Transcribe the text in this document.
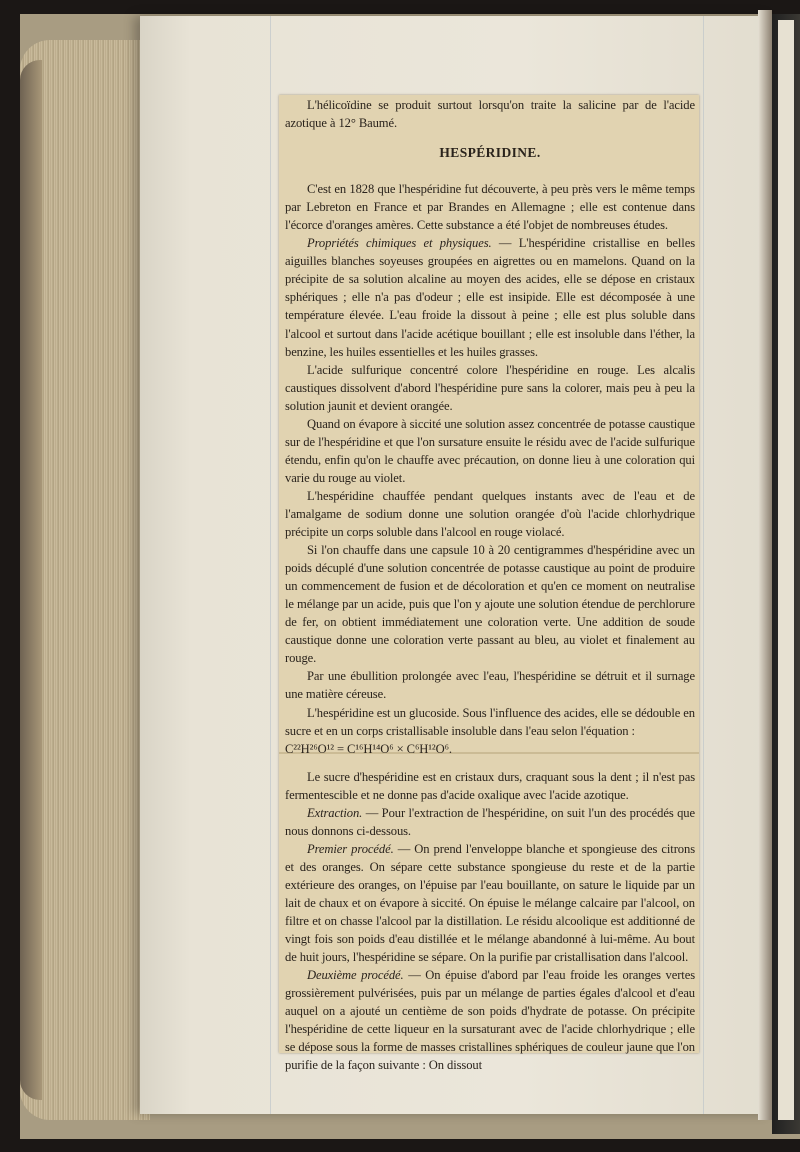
L'hélicoïdine se produit surtout lorsqu'on traite la salicine par de l'acide azotique à 12° Baumé.

HESPÉRIDINE.

C'est en 1828 que l'hespéridine fut découverte, à peu près vers le même temps par Lebreton en France et par Brandes en Allemagne ; elle est contenue dans l'écorce d'oranges amères. Cette substance a été l'objet de nombreuses études.

Propriétés chimiques et physiques. — L'hespéridine cristallise en belles aiguilles blanches soyeuses groupées en aigrettes ou en mamelons. Quand on la précipite de sa solution alcaline au moyen des acides, elle se dépose en cristaux sphériques ; elle n'a pas d'odeur ; elle est insipide. Elle est décomposée à une température élevée. L'eau froide la dissout à peine ; elle est plus soluble dans l'alcool et surtout dans l'acide acétique bouillant ; elle est insoluble dans l'éther, la benzine, les huiles essentielles et les huiles grasses.

L'acide sulfurique concentré colore l'hespéridine en rouge. Les alcalis caustiques dissolvent d'abord l'hespéridine pure sans la colorer, mais peu à peu la solution jaunit et devient orangée.

Quand on évapore à siccité une solution assez concentrée de potasse caustique sur de l'hespéridine et que l'on sursature ensuite le résidu avec de l'acide sulfurique étendu, enfin qu'on le chauffe avec précaution, on donne lieu à une coloration qui varie du rouge au violet.

L'hespéridine chauffée pendant quelques instants avec de l'eau et de l'amalgame de sodium donne une solution orangée d'où l'acide chlorhydrique précipite un corps soluble dans l'alcool en rouge violacé.

Si l'on chauffe dans une capsule 10 à 20 centigrammes d'hespéridine avec un poids décuplé d'une solution concentrée de potasse caustique au point de produire un commencement de fusion et de décoloration et qu'en ce moment on neutralise le mélange par un acide, puis que l'on y ajoute une solution étendue de perchlorure de fer, on obtient immédiatement une coloration verte. Une addition de soude caustique donne une coloration verte passant au bleu, au violet et finalement au rouge.

Par une ébullition prolongée avec l'eau, l'hespéridine se détruit et il surnage une matière céreuse.

L'hespéridine est un glucoside. Sous l'influence des acides, elle se dédouble en sucre et en un corps cristallisable insoluble dans l'eau selon l'équation :

C²²H²⁶O¹² = C¹⁶H¹⁴O⁶ × C⁶H¹²O⁶.

Le sucre d'hespéridine est en cristaux durs, craquant sous la dent ; il n'est pas fermentescible et ne donne pas d'acide oxalique avec l'acide azotique.

Extraction. — Pour l'extraction de l'hespéridine, on suit l'un des procédés que nous donnons ci-dessous.

Premier procédé. — On prend l'enveloppe blanche et spongieuse des citrons et des oranges. On sépare cette substance spongieuse du reste et de la partie extérieure des oranges, on l'épuise par l'eau bouillante, on sature le liquide par un lait de chaux et on évapore à siccité. On épuise le mélange calcaire par l'alcool, on filtre et on chasse l'alcool par la distillation. Le résidu alcoolique est additionné de vingt fois son poids d'eau distillée et le mélange abandonné à lui-même. Au bout de huit jours, l'hespéridine se sépare. On la purifie par cristallisation dans l'alcool.

Deuxième procédé. — On épuise d'abord par l'eau froide les oranges vertes grossièrement pulvérisées, puis par un mélange de parties égales d'alcool et d'eau auquel on a ajouté un centième de son poids d'hydrate de potasse. On précipite l'hespéridine de cette liqueur en la sursaturant avec de l'acide chlorhydrique ; elle se dépose sous la forme de masses cristallines sphériques de couleur jaune que l'on purifie de la façon suivante : On dissout
